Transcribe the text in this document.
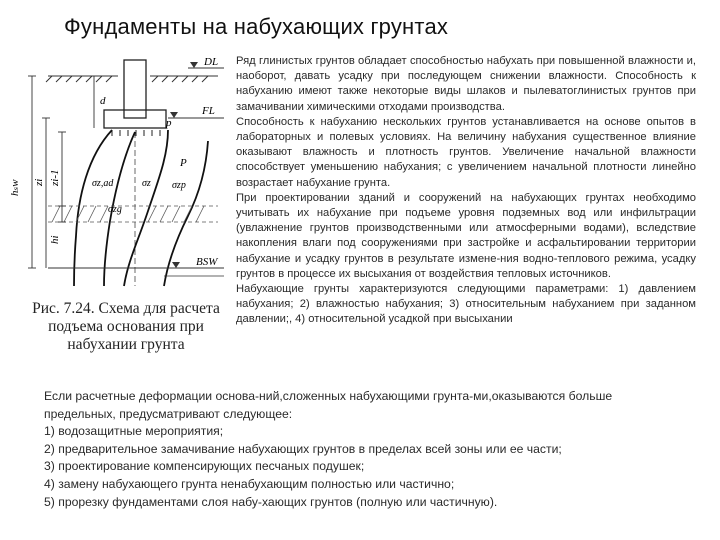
Фундаменты на набухающих грунтах
DL
p
FL
BSW
hₛw zi zi-1
hi
d
P
σz
σz,ad	σzp
σzg
Рис. 7.24. Схема для расчета подъема основания при набухании грунта

Ряд глинистых грунтов обладает способностью набухать при повышенной влажности и, наоборот, давать усадку при последующем снижении влажности. Способность к набуханию имеют также некоторые виды шлаков и пылеватоглинистых грунтов при замачивании химическими отходами производства.

Способность к набуханию нескольких грунтов устанавливается на основе опытов в лабораторных и полевых условиях. На величину набухания существенное влияние оказывают влажность и плотность грунтов. Увеличение начальной влажности способствует уменьшению набухания; с увеличением начальной плотности линейно возрастает набухание грунта.

При проектировании зданий и сооружений на набухающих грунтах необходимо учитывать их набухание при подъеме уровня подземных вод или инфильтрации (увлажнение грунтов производственными или атмосферными водами), вследствие накопления влаги под сооружениями при застройке и асфальтировании территории набухание и усадку грунтов в результате измене-ния водно-теплового режима, усадку грунтов в процессе их высыхания от воздействия тепловых источников.

Набухающие грунты характеризуются следующими параметрами: 1) давлением набухания; 2) влажностью набухания; 3) относительным набуханием при заданном давлении;, 4) относительной усадкой при высыхании

Если расчетные деформации основа-ний,сложенных набухающими грунта-ми,оказываются больше

предельных, предусматривают следующее:

1) водозащитные мероприятия;

2) предварительное замачивание набухающих грунтов в пределах всей зоны или ее части;

3) проектирование компенсирующих песчаных подушек;

4) замену набухающего грунта ненабухающим полностью или частично;

5) прорезку фундаментами слоя набу-хающих грунтов (полную или частичную).
